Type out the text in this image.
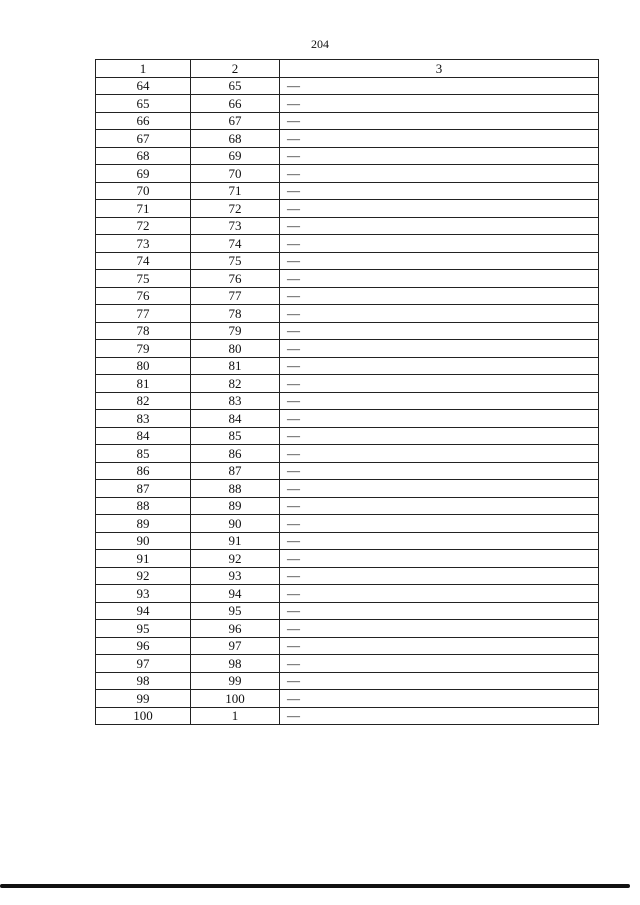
204
1	2	3
64	65	—
65	66	—
66	67	—
67	68	—
68	69	—
69	70	—
70	71	—
71	72	—
72	73	—
73	74	—
74	75	—
75	76	—
76	77	—
77	78	—
78	79	—
79	80	—
80	81	—
81	82	—
82	83	—
83	84	—
84	85	—
85	86	—
86	87	—
87	88	—
88	89	—
89	90	—
90	91	—
91	92	—
92	93	—
93	94	—
94	95	—
95	96	—
96	97	—
97	98	—
98	99	—
99	100	—
100	1	—
